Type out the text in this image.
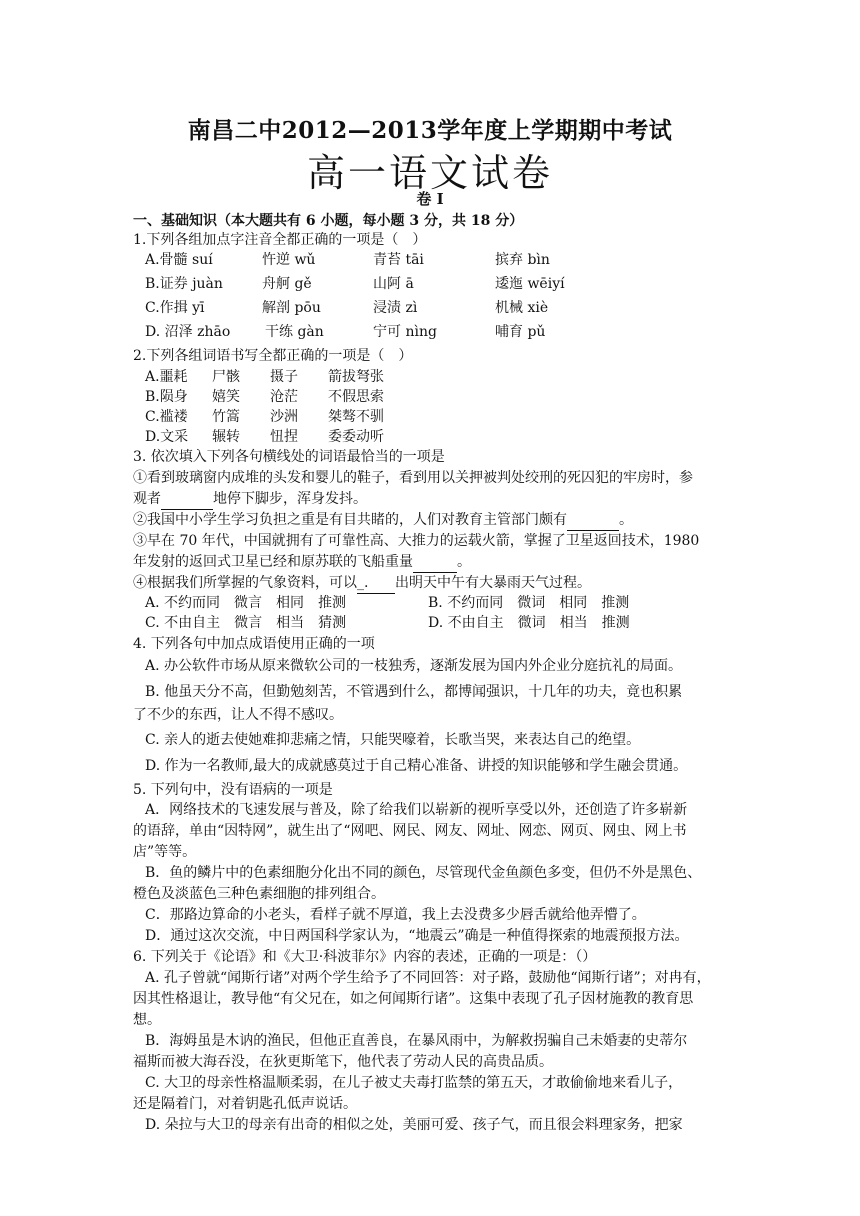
南昌二中2012—2013学年度上学期期中考试
高一语文试卷
卷 I
一、基础知识（本大题共有 6 小题，每小题 3 分，共 18 分）
1.下列各组加点字注音全都正确的一项是（　）
A.骨髓 suí	忤逆 wǔ	青苔 tāi	摈弃 bìn
B.证券 juàn	舟舸 gě	山阿 ā	逶迤 wēiyí
C.作揖 yī	解剖 pōu	浸渍 zì	机械 xiè
D. 沼泽 zhāo 干练 gàn	宁可 nìng	哺育 pǔ
2.下列各组词语书写全都正确的一项是（　）
A.噩耗 尸骸 摄子 箭拔弩张
B.陨身 嬉笑 沧茫 不假思索
C.褴褛 竹篙 沙洲 桀骜不驯
D.文采 辗转 忸捏 委委动听
3. 依次填入下列各句横线处的词语最恰当的一项是
①看到玻璃窗内成堆的头发和婴儿的鞋子，看到用以关押被判处绞刑的死囚犯的牢房时，参
观者	地停下脚步，浑身发抖。
②我国中小学生学习负担之重是有目共睹的，人们对教育主管部门颇有	。
③早在 70 年代，中国就拥有了可靠性高、大推力的运载火箭，掌握了卫星返回技术，1980
年发射的返回式卫星已经和原苏联的飞船重量	。
④根据我们所掌握的气象资料，可以_. 出明天中午有大暴雨天气过程。
A. 不约而同　微言　相同　推测	B. 不约而同　微词　相同　推测
C. 不由自主　微言　相当　猜测	D. 不由自主　微词　相当　推测
4. 下列各句中加点成语使用正确的一项
A. 办公软件市场从原来微软公司的一枝独秀，逐渐发展为国内外企业分庭抗礼的局面。
B. 他虽天分不高，但勤勉刻苦，不管遇到什么，都博闻强识，十几年的功夫，竟也积累
了不少的东西，让人不得不感叹。
C. 亲人的逝去使她难抑悲痛之情，只能哭嚎着，长歌当哭，来表达自己的绝望。
D. 作为一名教师,最大的成就感莫过于自己精心准备、讲授的知识能够和学生融会贯通。
5. 下列句中，没有语病的一项是
A．网络技术的飞速发展与普及，除了给我们以崭新的视听享受以外，还创造了许多崭新
的语辞，单由“因特网”，就生出了“网吧、网民、网友、网址、网恋、网页、网虫、网上书
店”等等。
B．鱼的鳞片中的色素细胞分化出不同的颜色，尽管现代金鱼颜色多变，但仍不外是黑色、
橙色及淡蓝色三种色素细胞的排列组合。
C．那路边算命的小老头，看样子就不厚道，我上去没费多少唇舌就给他弄懵了。
D．通过这次交流，中日两国科学家认为，“地震云”确是一种值得探索的地震预报方法。
6. 下列关于《论语》和《大卫·科波菲尔》内容的表述，正确的一项是：（）
A. 孔子曾就“闻斯行诸”对两个学生给予了不同回答：对子路，鼓励他“闻斯行诸”；对冉有，
因其性格退让，教导他“有父兄在，如之何闻斯行诸”。这集中表现了孔子因材施教的教育思
想。
B．海姆虽是木讷的渔民，但他正直善良，在暴风雨中，为解救拐骗自己未婚妻的史蒂尔
福斯而被大海吞没，在狄更斯笔下，他代表了劳动人民的高贵品质。
C. 大卫的母亲性格温顺柔弱，在儿子被丈夫毒打监禁的第五天，才敢偷偷地来看儿子，
还是隔着门，对着钥匙孔低声说话。
D. 朵拉与大卫的母亲有出奇的相似之处，美丽可爱、孩子气，而且很会料理家务，把家
